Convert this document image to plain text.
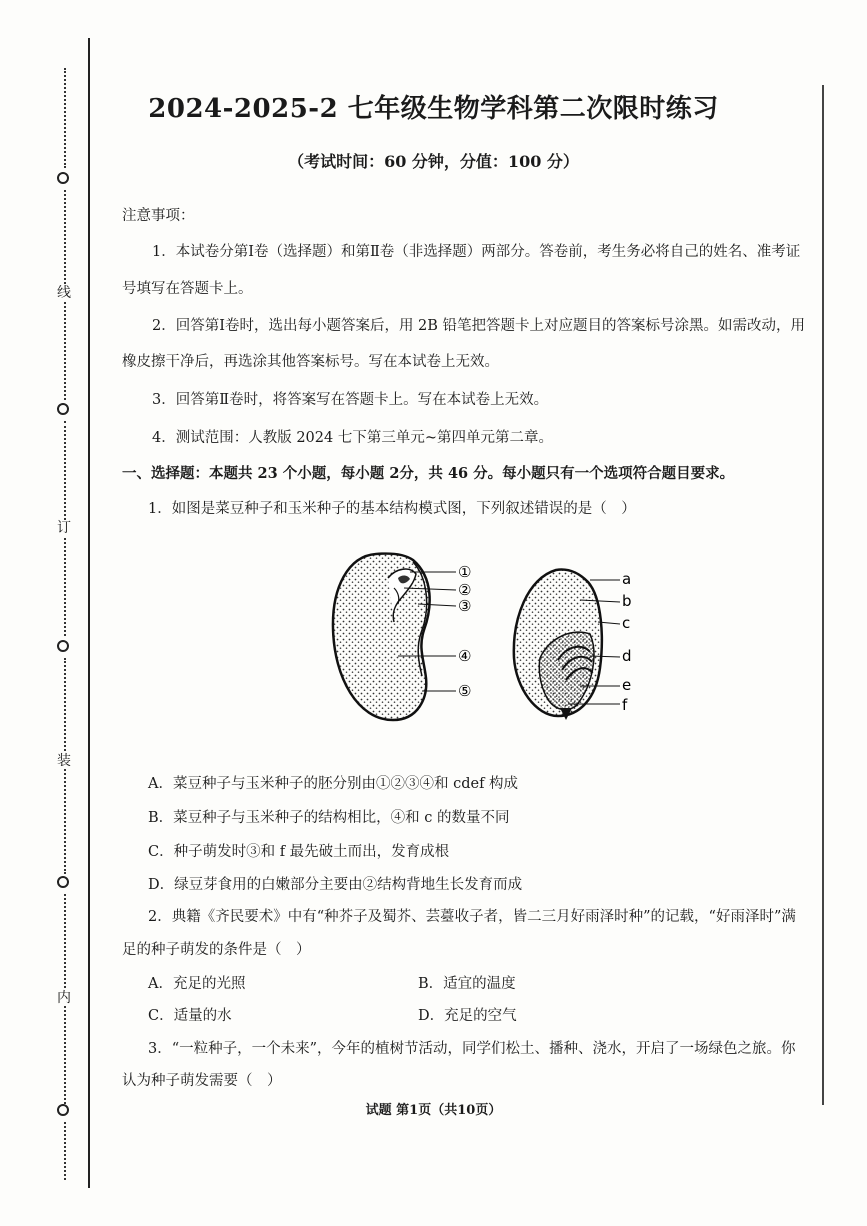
线
订
装
内
2024-2025-2 七年级生物学科第二次限时练习
（考试时间：60 分钟，分值：100 分）
注意事项：
1．本试卷分第Ⅰ卷（选择题）和第Ⅱ卷（非选择题）两部分。答卷前，考生务必将自己的姓名、准考证
号填写在答题卡上。
2．回答第Ⅰ卷时，选出每小题答案后，用 2B 铅笔把答题卡上对应题目的答案标号涂黑。如需改动，用
橡皮擦干净后，再选涂其他答案标号。写在本试卷上无效。
3．回答第Ⅱ卷时，将答案写在答题卡上。写在本试卷上无效。
4．测试范围：人教版 2024 七下第三单元~第四单元第二章。
一、选择题：本题共 23 个小题，每小题 2分，共 46 分。每小题只有一个选项符合题目要求。
1．如图是菜豆种子和玉米种子的基本结构模式图，下列叙述错误的是（　）
①
②
③
④
⑤
a
b
c
d
e
f
A．菜豆种子与玉米种子的胚分别由①②③④和 cdef 构成
B．菜豆种子与玉米种子的结构相比，④和 c 的数量不同
C．种子萌发时③和 f 最先破土而出，发育成根
D．绿豆芽食用的白嫩部分主要由②结构背地生长发育而成
2．典籍《齐民要术》中有“种芥子及蜀芥、芸薹收子者，皆二三月好雨泽时种”的记载，“好雨泽时”满
足的种子萌发的条件是（　）
A．充足的光照	B．适宜的温度
C．适量的水	D．充足的空气
3．“一粒种子，一个未来”，今年的植树节活动，同学们松土、播种、浇水，开启了一场绿色之旅。你
认为种子萌发需要（　）
试题 第1页（共10页）
